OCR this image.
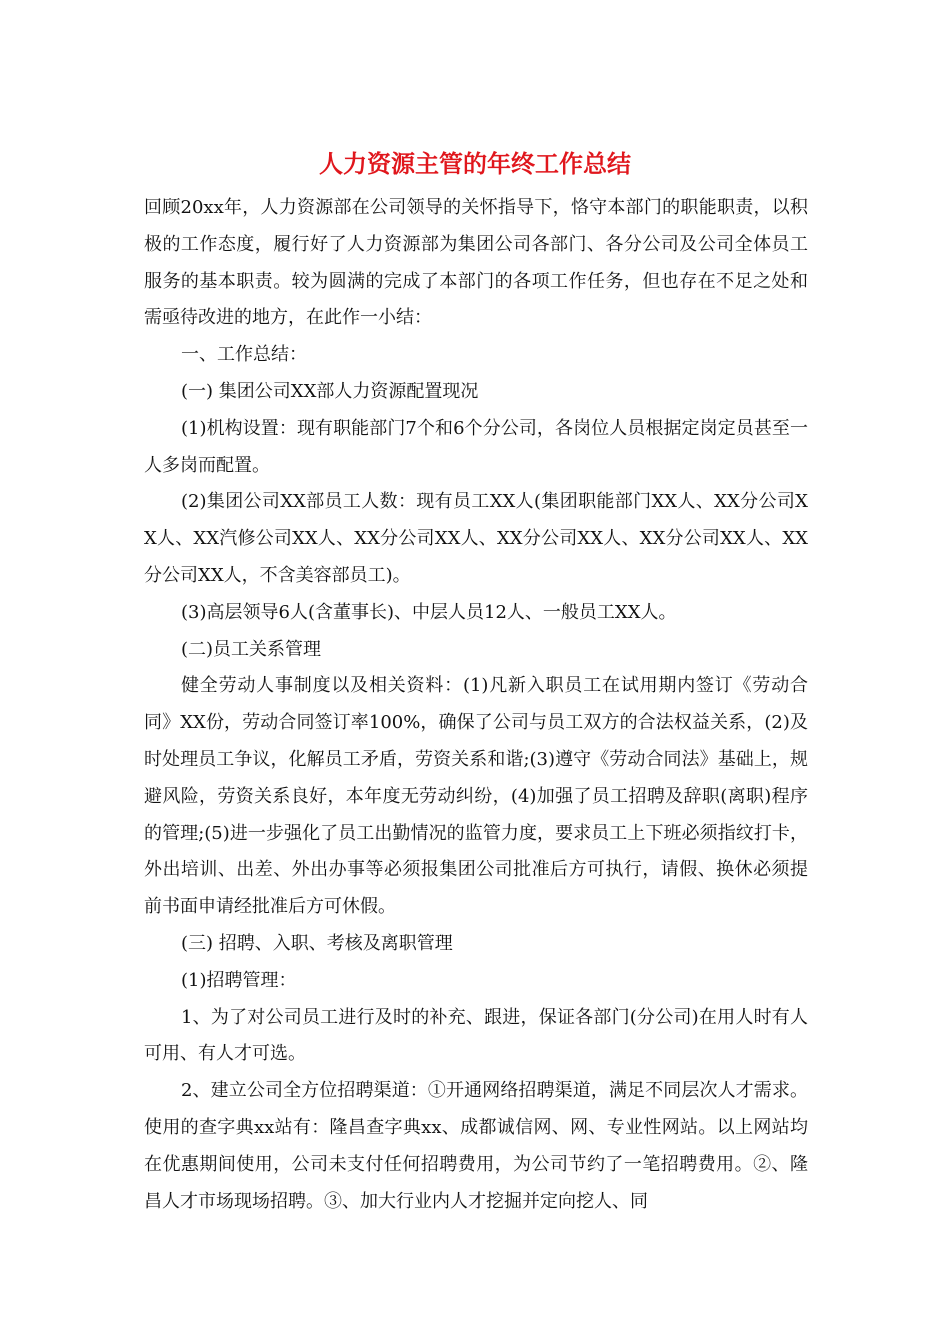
人力资源主管的年终工作总结

回顾20xx年，人力资源部在公司领导的关怀指导下，恪守本部门的职能职责，以积极的工作态度，履行好了人力资源部为集团公司各部门、各分公司及公司全体员工服务的基本职责。较为圆满的完成了本部门的各项工作任务，但也存在不足之处和需亟待改进的地方，在此作一小结：

一、工作总结：

(一) 集团公司XX部人力资源配置现况

(1)机构设置：现有职能部门7个和6个分公司，各岗位人员根据定岗定员甚至一人多岗而配置。

(2)集团公司XX部员工人数：现有员工XX人(集团职能部门XX人、XX分公司XX人、XX汽修公司XX人、XX分公司XX人、XX分公司XX人、XX分公司XX人、XX分公司XX人，不含美容部员工)。

(3)高层领导6人(含董事长)、中层人员12人、一般员工XX人。

(二)员工关系管理

健全劳动人事制度以及相关资料：(1)凡新入职员工在试用期内签订《劳动合同》XX份，劳动合同签订率100%，确保了公司与员工双方的合法权益关系，(2)及时处理员工争议，化解员工矛盾，劳资关系和谐;(3)遵守《劳动合同法》基础上，规避风险，劳资关系良好，本年度无劳动纠纷，(4)加强了员工招聘及辞职(离职)程序的管理;(5)进一步强化了员工出勤情况的监管力度，要求员工上下班必须指纹打卡，外出培训、出差、外出办事等必须报集团公司批准后方可执行，请假、换休必须提前书面申请经批准后方可休假。

(三) 招聘、入职、考核及离职管理

(1)招聘管理：

1、为了对公司员工进行及时的补充、跟进，保证各部门(分公司)在用人时有人可用、有人才可选。

2、建立公司全方位招聘渠道：①开通网络招聘渠道，满足不同层次人才需求。使用的查字典xx站有：隆昌查字典xx、成都诚信网、网、专业性网站。以上网站均在优惠期间使用，公司未支付任何招聘费用，为公司节约了一笔招聘费用。②、隆昌人才市场现场招聘。③、加大行业内人才挖掘并定向挖人、同
